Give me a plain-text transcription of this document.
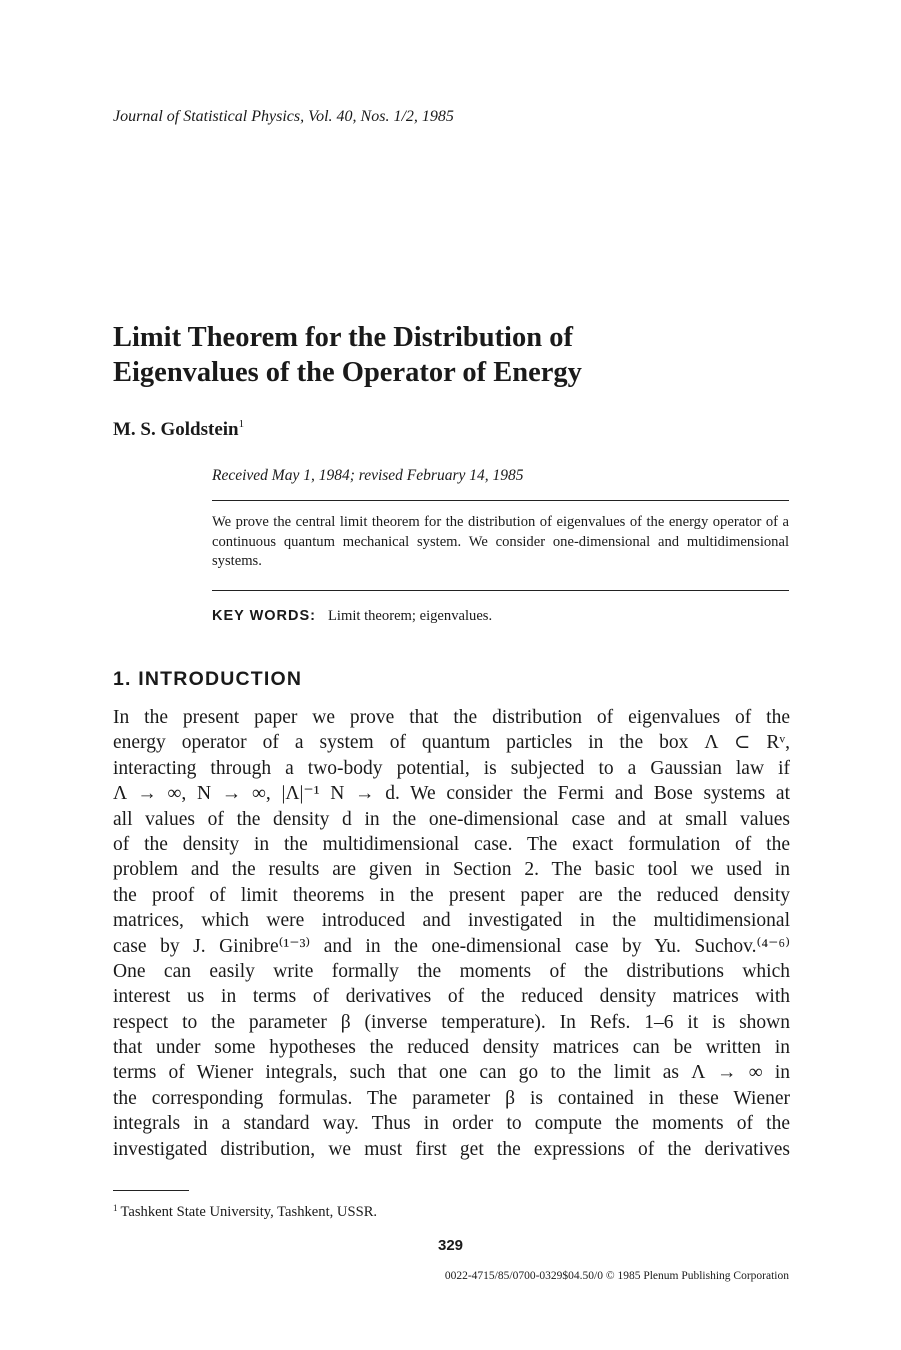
Journal of Statistical Physics, Vol. 40, Nos. 1/2, 1985
Limit Theorem for the Distribution of
Eigenvalues of the Operator of Energy
M. S. Goldstein$^1$
Received May 1, 1984; revised February 14, 1985
We prove the central limit theorem for the distribution of eigenvalues of the energy operator of a continuous quantum mechanical system. We consider one-dimensional and multidimensional systems.
KEY WORDS: Limit theorem; eigenvalues.
1. INTRODUCTION
In the present paper we prove that the distribution of eigenvalues of the
energy operator of a system of quantum particles in the box Λ ⊂ Rᵛ,
interacting through a two-body potential, is subjected to a Gaussian law if
Λ → ∞, N → ∞, |Λ|⁻¹ N → d. We consider the Fermi and Bose systems at
all values of the density d in the one-dimensional case and at small values
of the density in the multidimensional case. The exact formulation of the
problem and the results are given in Section 2. The basic tool we used in
the proof of limit theorems in the present paper are the reduced density
matrices, which were introduced and investigated in the multidimensional
case by J. Ginibre⁽¹⁻³⁾ and in the one-dimensional case by Yu. Suchov.⁽⁴⁻⁶⁾
One can easily write formally the moments of the distributions which
interest us in terms of derivatives of the reduced density matrices with
respect to the parameter β (inverse temperature). In Refs. 1–6 it is shown
that under some hypotheses the reduced density matrices can be written in
terms of Wiener integrals, such that one can go to the limit as Λ → ∞ in
the corresponding formulas. The parameter β is contained in these Wiener
integrals in a standard way. Thus in order to compute the moments of the
investigated distribution, we must first get the expressions of the derivatives
$^1$ Tashkent State University, Tashkent, USSR.
329
0022-4715/85/0700-0329$04.50/0 © 1985 Plenum Publishing Corporation
